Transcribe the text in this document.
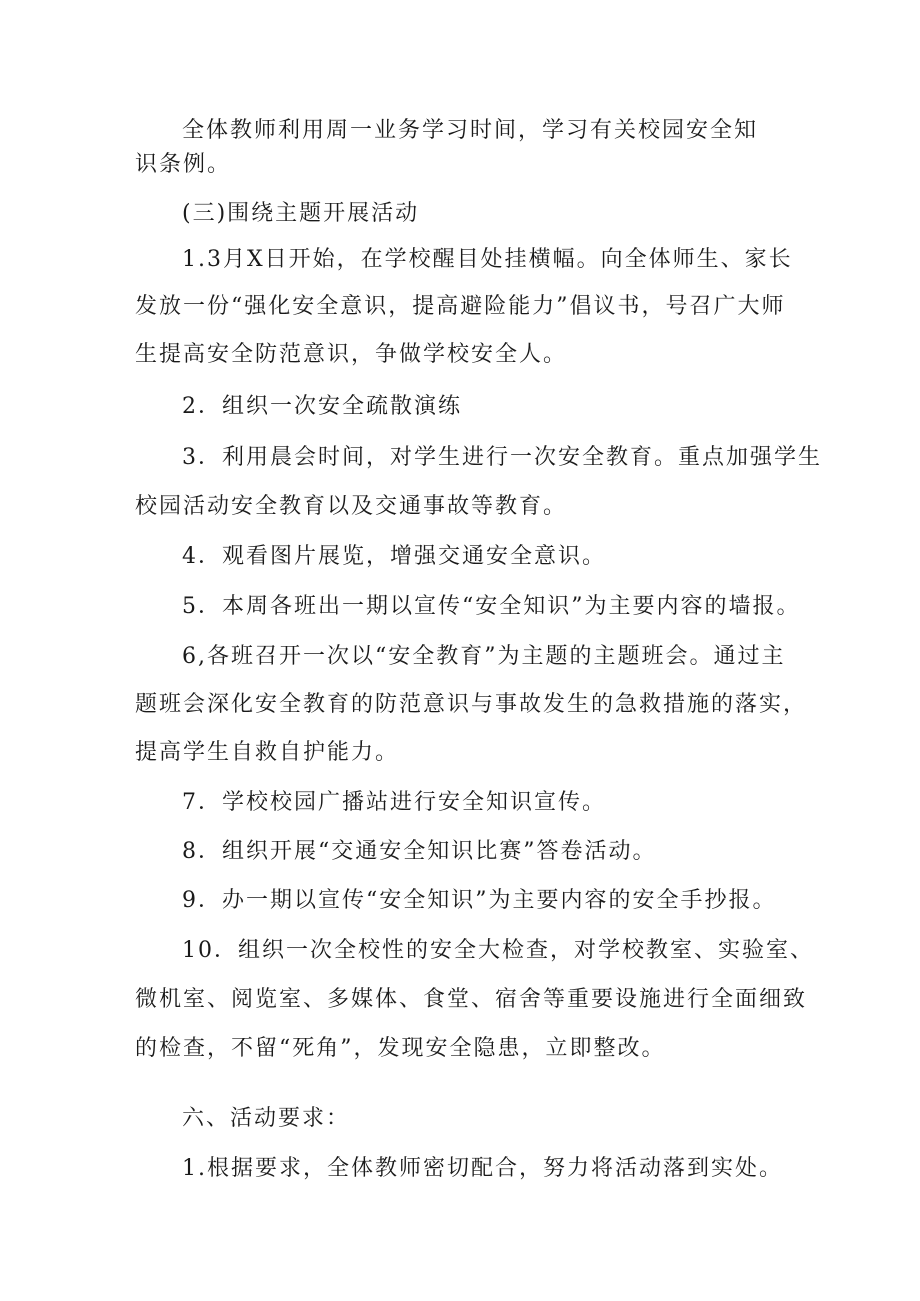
全体教师利用周一业务学习时间，学习有关校园安全知
识条例。
(三)围绕主题开展活动
1.3月X日开始，在学校醒目处挂横幅。向全体师生、家长
发放一份“强化安全意识，提高避险能力”倡议书，号召广大师
生提高安全防范意识，争做学校安全人。
2．组织一次安全疏散演练
3．利用晨会时间，对学生进行一次安全教育。重点加强学生
校园活动安全教育以及交通事故等教育。
4．观看图片展览，增强交通安全意识。
5．本周各班出一期以宣传“安全知识”为主要内容的墙报。
6,各班召开一次以“安全教育”为主题的主题班会。通过主
题班会深化安全教育的防范意识与事故发生的急救措施的落实，
提高学生自救自护能力。
7．学校校园广播站进行安全知识宣传。
8．组织开展“交通安全知识比赛”答卷活动。
9．办一期以宣传“安全知识”为主要内容的安全手抄报。
10．组织一次全校性的安全大检查，对学校教室、实验室、
微机室、阅览室、多媒体、食堂、宿舍等重要设施进行全面细致
的检查，不留“死角”，发现安全隐患，立即整改。
六、活动要求：
1.根据要求，全体教师密切配合，努力将活动落到实处。
